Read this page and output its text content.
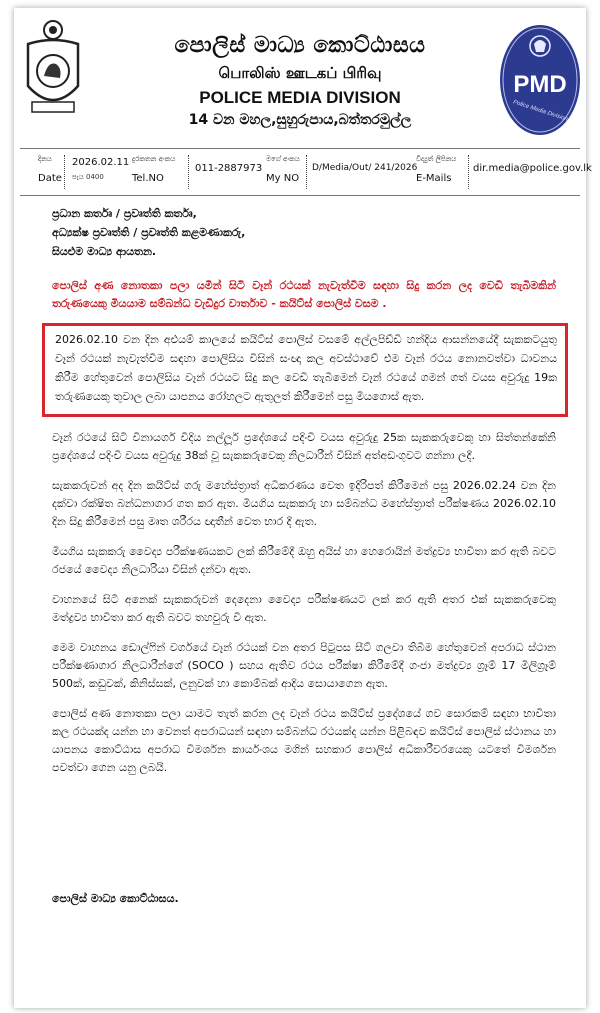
පොලිස් මාධ්‍ය කොට්ඨාසය
பொலிஸ் ஊடகப் பிரிவு
POLICE MEDIA DIVISION
14 වන මහල,සුහුරුපාය,බත්තරමුල්ල
PMD
Police Media Division
දිනය
Date
2026.02.11
පැය 0400
දුරකතන අංකය
Tel.NO
011-2887973
මගේ අංකය
My NO
D/Media/Out/ 241/2026
විද්‍යුත් ලිපිනය
E-Mails
dir.media@police.gov.lk
ප්‍රධාන කර්තෘ / ප්‍රවෘත්ති කර්තෘ,
අධ්‍යක්ෂ ප්‍රවෘත්ති / ප්‍රවෘත්ති කළමණාකරු,
සියළුම මාධ්‍ය ආයතන.
පොලිස් අණ නොතකා පලා යමින් සිටි වෑන් රථයක් නැවැත්වීම සඳහා සිදු කරන ලද වෙඩි තැබීමකින් තරුණයෙකු මියයාම සම්බන්ධ වැඩිදුර වාර්තාව - කයිට්ස් පොලිස් වසම .
2026.02.10 වන දින අළුයම් කාලයේ කයිට්ස් පොලිස් වසමේ අල්ලපිඩ්ඩි හන්දිය ආසන්නයේදී සැකකටයුතු වෑන් රථයක් නැවැත්වීම සඳහා පොලිසිය විසින් සංඥා කල අවස්ථාවේ එම වෑන් රථය නොනවත්වා ධාවනය කිරීම හේතුවෙන් පොලිසිය වෑන් රථයට සිදු කල වෙඩි තැබීමෙන් වෑන් රථයේ ගමන් ගත් වයස අවුරුදු 19ක තරුණයෙකු තුවාල ලබා යාපනය රෝහලට ඇතුලත් කිරීමෙන් පසු මියගොස් ඇත.
වෑන් රථයේ සිටි විනායගර් වීදිය නල්ලූර් ප්‍රදේශයේ පදිංචි වයස අවුරුදු 25ක සැකකරුවෙකු හා සිත්තන්කේනි ප්‍රදේශයේ පදිංචි වයස අවුරුදු 38ක් වූ සැකකරුවෙකු නිලධාරීන් විසින් අත්අඩංගුවට ගන්නා ලදී.
සැකකරුවන් අද දින කයිට්ස් ගරු මහේස්ත්‍රාත් අධිකරණය වෙත ඉදිරිපත් කිරීමෙන් පසු 2026.02.24 වන දින දක්වා රක්ෂිත බන්ධනාගාර ගත කර ඇත. මියගිය සැකකරු හා සම්බන්ධ මහේස්ත්‍රාත් පරීක්ෂණය 2026.02.10 දින සිදු කිරීමෙන් පසු මෘත ශරීරය ඥාතීන් වෙත භාර දී ඇත.
මියගිය සැකකරු වෛද්‍ය පරීක්ෂණයකට ලක් කිරීමේදී ඔහු අයිස් හා හෙරොයින් මත්ද්‍රව්‍ය භාවිතා කර ඇති බවට රජයේ වෛද්‍ය නිලධාරියා විසින් දන්වා ඇත.
වාහනයේ සිටි අනෙක් සැකකරුවන් දෙදෙනා වෛද්‍ය පරීක්ෂණයට ලක් කර ඇති අතර එක් සැකකරුවෙකු මත්ද්‍රව්‍ය භාවිතා කර ඇති බවට තහවුරු වී ඇත.
මෙම වාහනය ඩොල්ෆින් වර්ගයේ වෑන් රථයක් වන අතර පිටුපස සීට් ගලවා තිබීම හේතුවෙන් අපරාධ ස්ථාන පරීක්ෂණාගාර නිලධාරීන්ගේ (SOCO ) සහය ඇතිව රථය පරීක්ෂා කිරීමේදී ගංජා මත්ද්‍රව්‍ය ග්‍රෑම් 17 මිලිග්‍රෑම් 500ක්, කඩුවක්, කිනිස්සක්, ලනුවක් හා කොම්බක් ආදිය සොයාගෙන ඇත.
පොලිස් අණ නොතකා පලා යාමට තැත් කරන ලද වෑන් රථය කයිට්ස් ප්‍රදේශයේ ගව සොරකම් සඳහා භාවිතා කල රථයක්ද යන්න හා වෙනත් අපරාධයන් සඳහා සම්බන්ධ රථයක්ද යන්න පිළිබඳව කයිට්ස් පොලිස් ස්ථානය හා යාපනය කොට්ඨාස අපරාධ විමර්ශන කාර්යංශය මගින් සහකාර පොලිස් අධිකාරීවරයෙකු යටතේ විමර්ශන පවත්වා ගෙන යනු ලබයි.
පොලිස් මාධ්‍ය කොට්ඨාසය.
